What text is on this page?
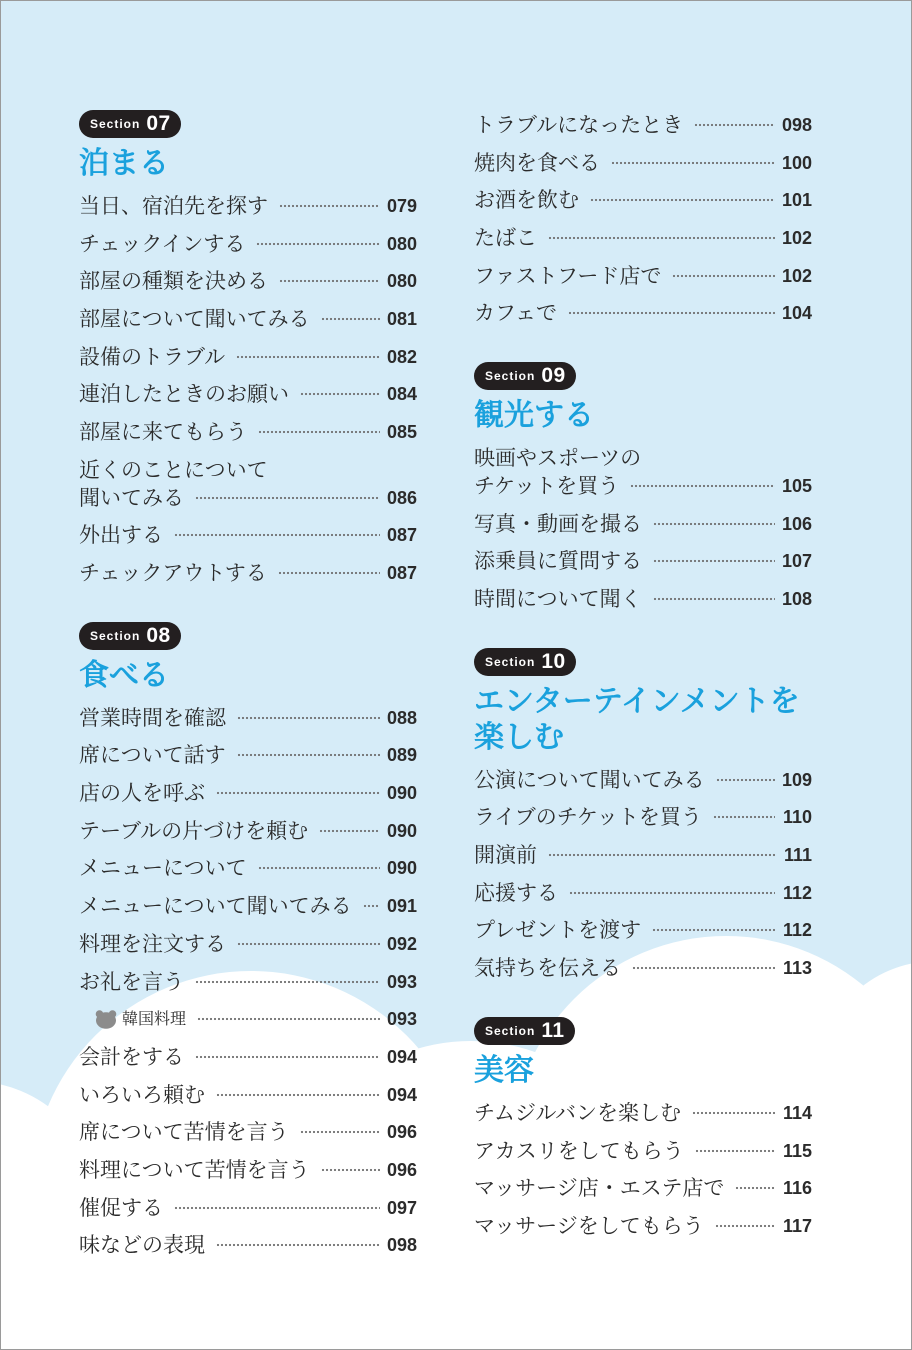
Section 07
泊まる
当日、宿泊先を探す	079
チェックインする	080
部屋の種類を決める	080
部屋について聞いてみる	081
設備のトラブル	082
連泊したときのお願い	084
部屋に来てもらう	085
近くのことについて
聞いてみる	086
外出する	087
チェックアウトする	087
Section 08
食べる
営業時間を確認	088
席について話す	089
店の人を呼ぶ	090
テーブルの片づけを頼む	090
メニューについて	090
メニューについて聞いてみる 091
料理を注文する	092
お礼を言う	093
韓国料理	093
会計をする	094
いろいろ頼む	094
席について苦情を言う	096
料理について苦情を言う	096
催促する	097
味などの表現	098
トラブルになったとき	098
焼肉を食べる	100
お酒を飲む	101
たばこ	102
ファストフード店で	102
カフェで	104
Section 09
観光する
映画やスポーツの
チケットを買う	105
写真・動画を撮る	106
添乗員に質問する	107
時間について聞く	108
Section 10
エンターテインメントを
楽しむ
公演について聞いてみる	109
ライブのチケットを買う	110
開演前	111
応援する	112
プレゼントを渡す	112
気持ちを伝える	113
Section 11
美容
チムジルバンを楽しむ	114
アカスリをしてもらう	115
マッサージ店・エステ店で	116
マッサージをしてもらう	117
